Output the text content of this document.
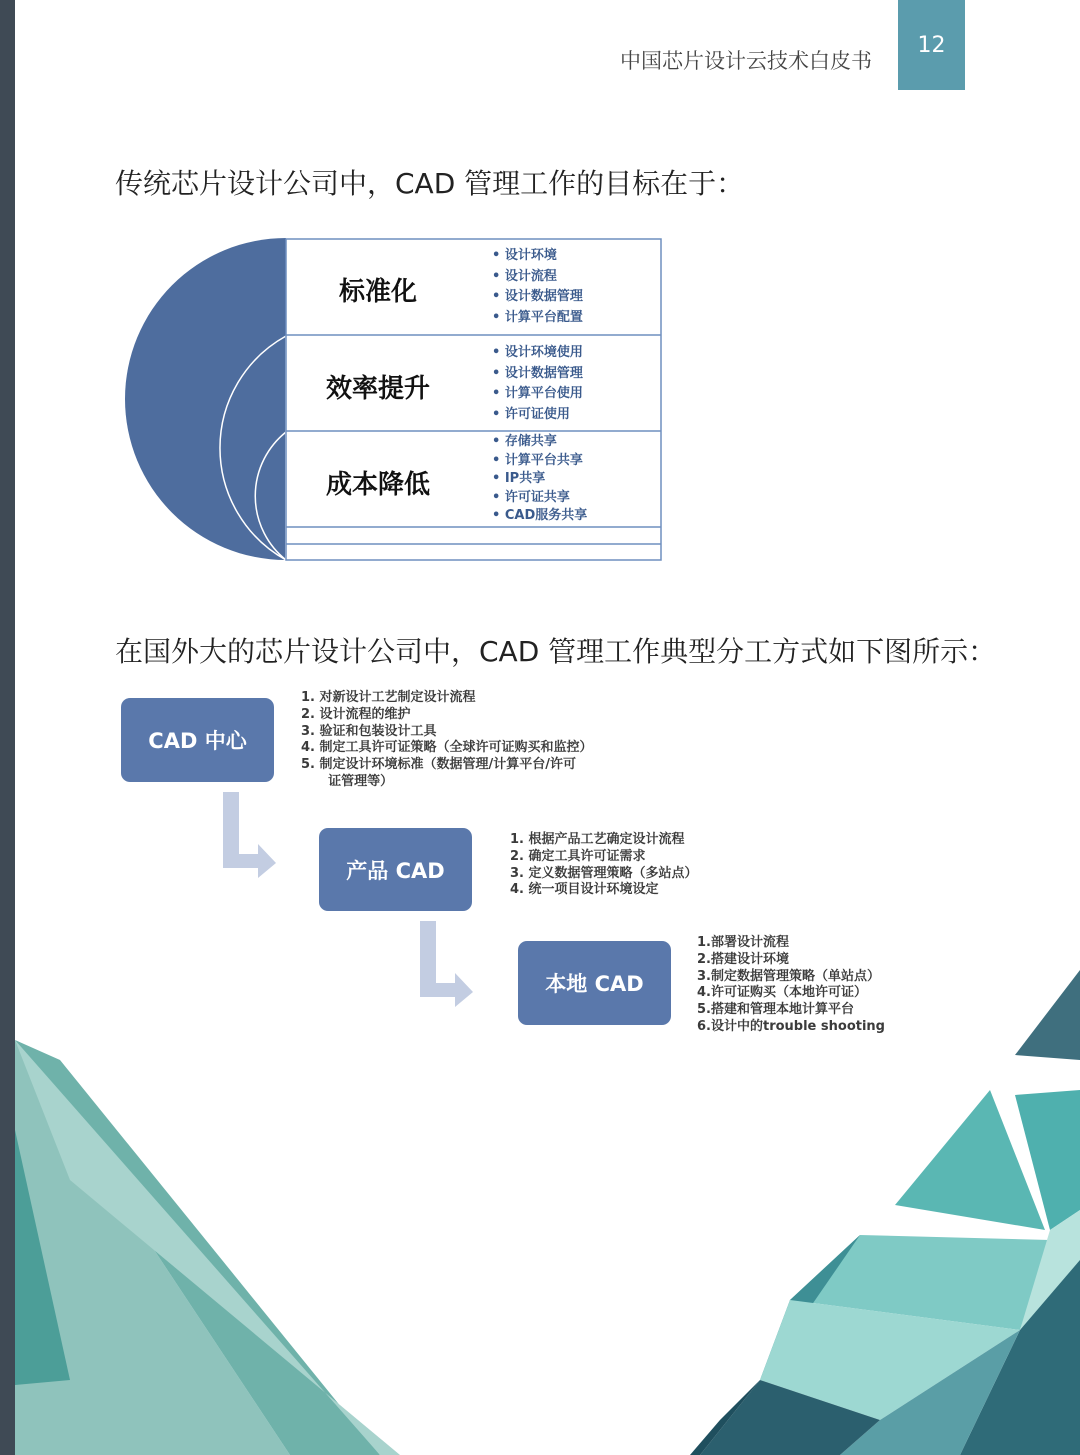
中国芯片设计云技术白皮书
12
传统芯片设计公司中，CAD 管理工作的目标在于：
标准化
• 设计环境
• 设计流程
• 设计数据管理
• 计算平台配置
效率提升
• 设计环境使用
• 设计数据管理
• 计算平台使用
• 许可证使用
成本降低
• 存储共享
• 计算平台共享
• IP共享
• 许可证共享
• CAD服务共享
在国外大的芯片设计公司中，CAD 管理工作典型分工方式如下图所示：
CAD 中心
1. 对新设计工艺制定设计流程
2. 设计流程的维护
3. 验证和包装设计工具
4. 制定工具许可证策略（全球许可证购买和监控）
5. 制定设计环境标准（数据管理/计算平台/许可
证管理等）
产品 CAD
1. 根据产品工艺确定设计流程
2. 确定工具许可证需求
3. 定义数据管理策略（多站点）
4. 统一项目设计环境设定
本地 CAD
1.部署设计流程
2.搭建设计环境
3.制定数据管理策略（单站点）
4.许可证购买（本地许可证）
5.搭建和管理本地计算平台
6.设计中的trouble shooting
